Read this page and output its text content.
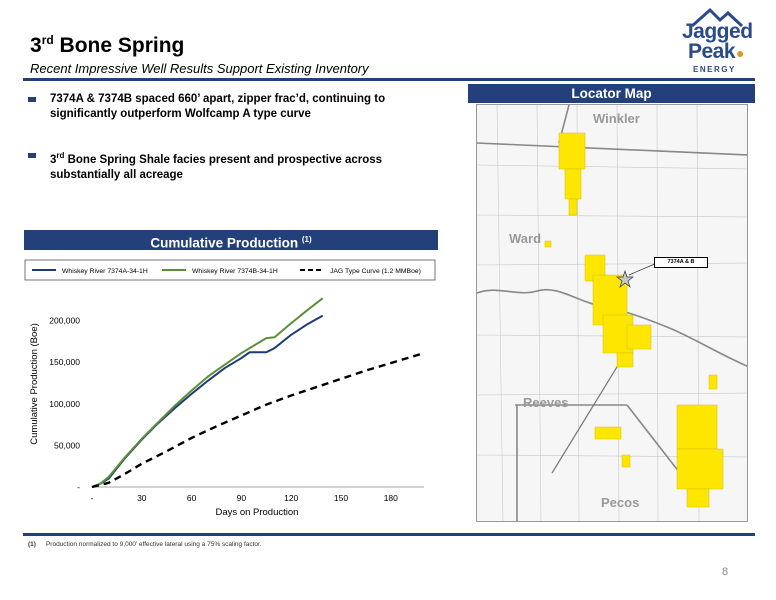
3rd Bone Spring
Recent Impressive Well Results Support Existing Inventory
Jagged
Peak●
ENERGY
7374A & 7374B spaced 660’ apart, zipper frac’d, continuing to significantly outperform Wolfcamp A type curve
3rd Bone Spring Shale facies present and prospective across substantially all acreage
Locator Map
Winkler
Ward
Reeves
Pecos
7374A & B
Cumulative Production $^{(1)}$
Whiskey River 7374A-34-1H	Whiskey River 7374B-34-1H	JAG Type Curve (1.2 MMBoe)
-	30	60	90	120	150	180
-
50,000
100,000
150,000
200,000
Cumulative Production (Boe)
Days on Production
(1) Production normalized to 9,000’ effective lateral using a 75% scaling factor.
8
